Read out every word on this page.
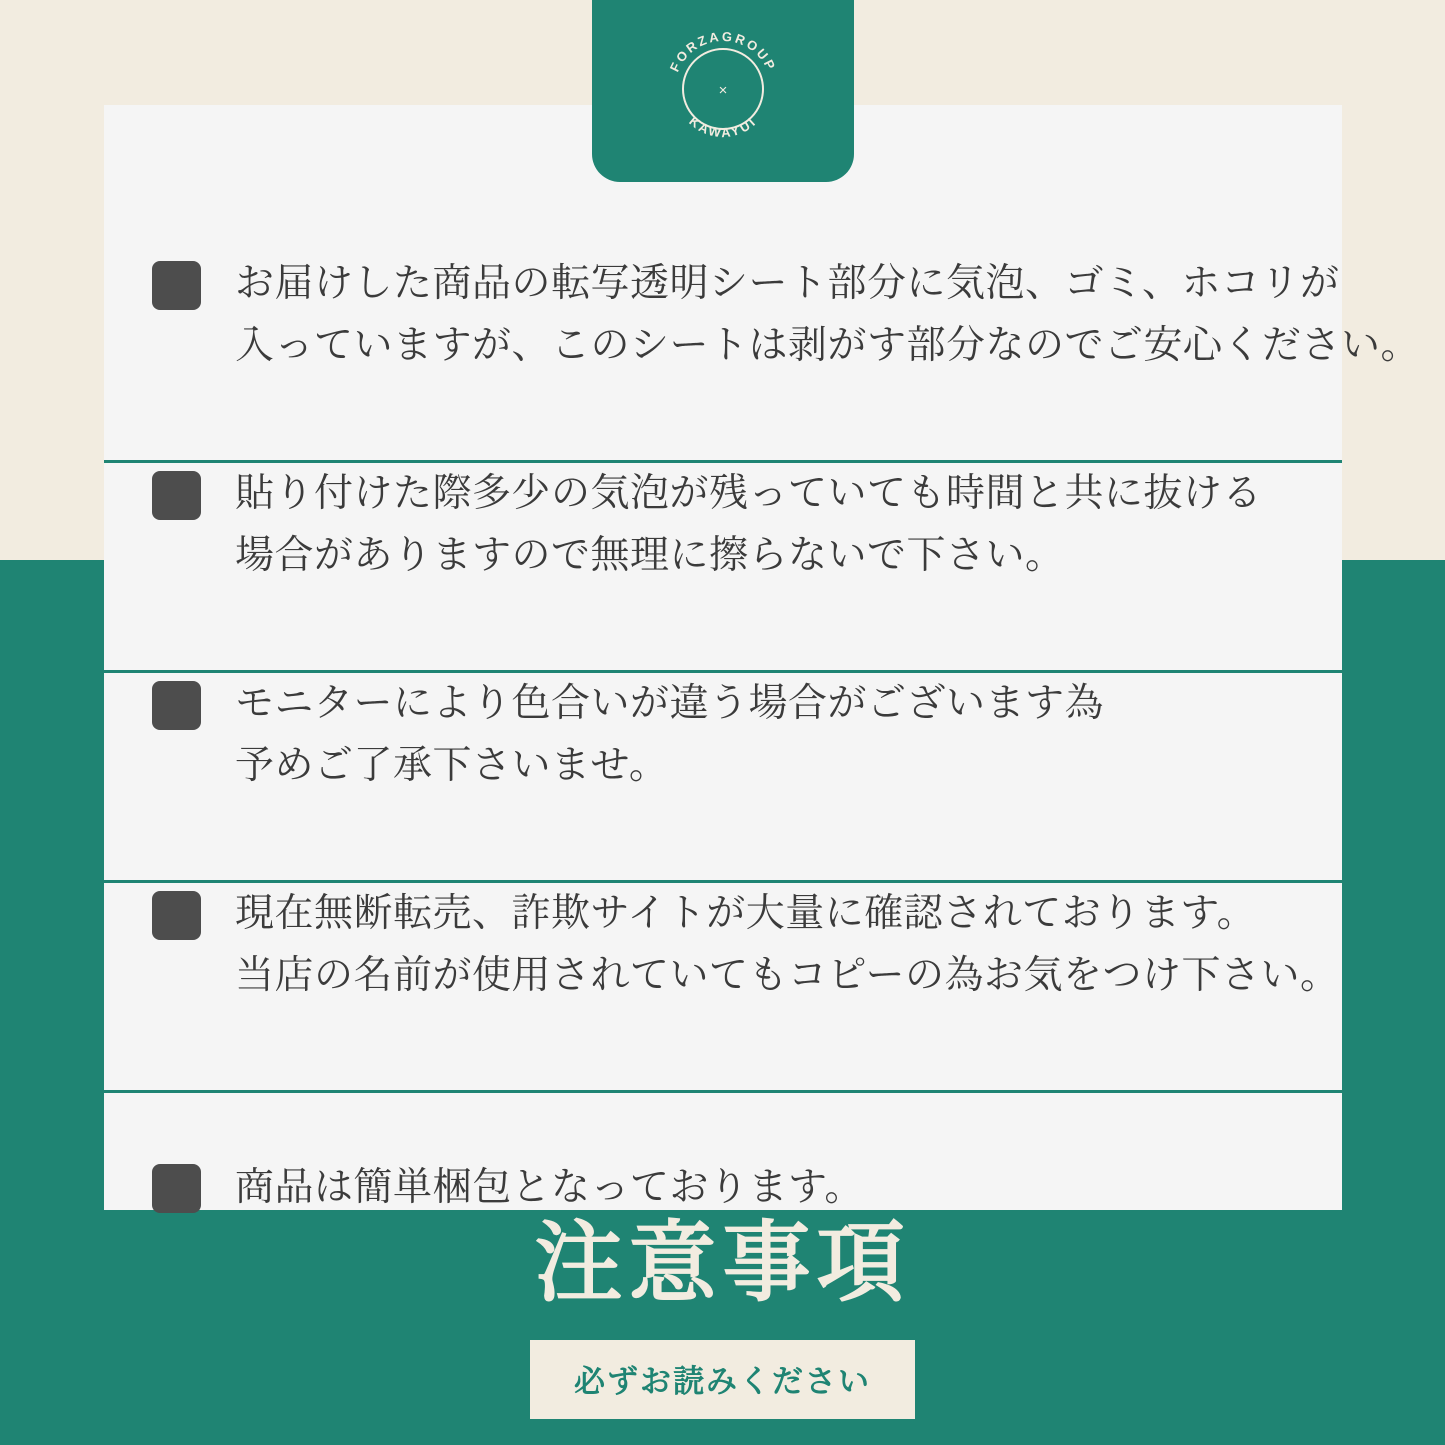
お届けした商品の転写透明シート部分に気泡、ゴミ、ホコリが
入っていますが、このシートは剥がす部分なのでご安心ください。
貼り付けた際多少の気泡が残っていても時間と共に抜ける
場合がありますので無理に擦らないで下さい。
モニターにより色合いが違う場合がございます為
予めご了承下さいませ。
現在無断転売、詐欺サイトが大量に確認されております。
当店の名前が使用されていてもコピーの為お気をつけ下さい。
商品は簡単梱包となっております。
FORZAGROUP
KAWAYUI
×
注意事項
必ずお読みください
